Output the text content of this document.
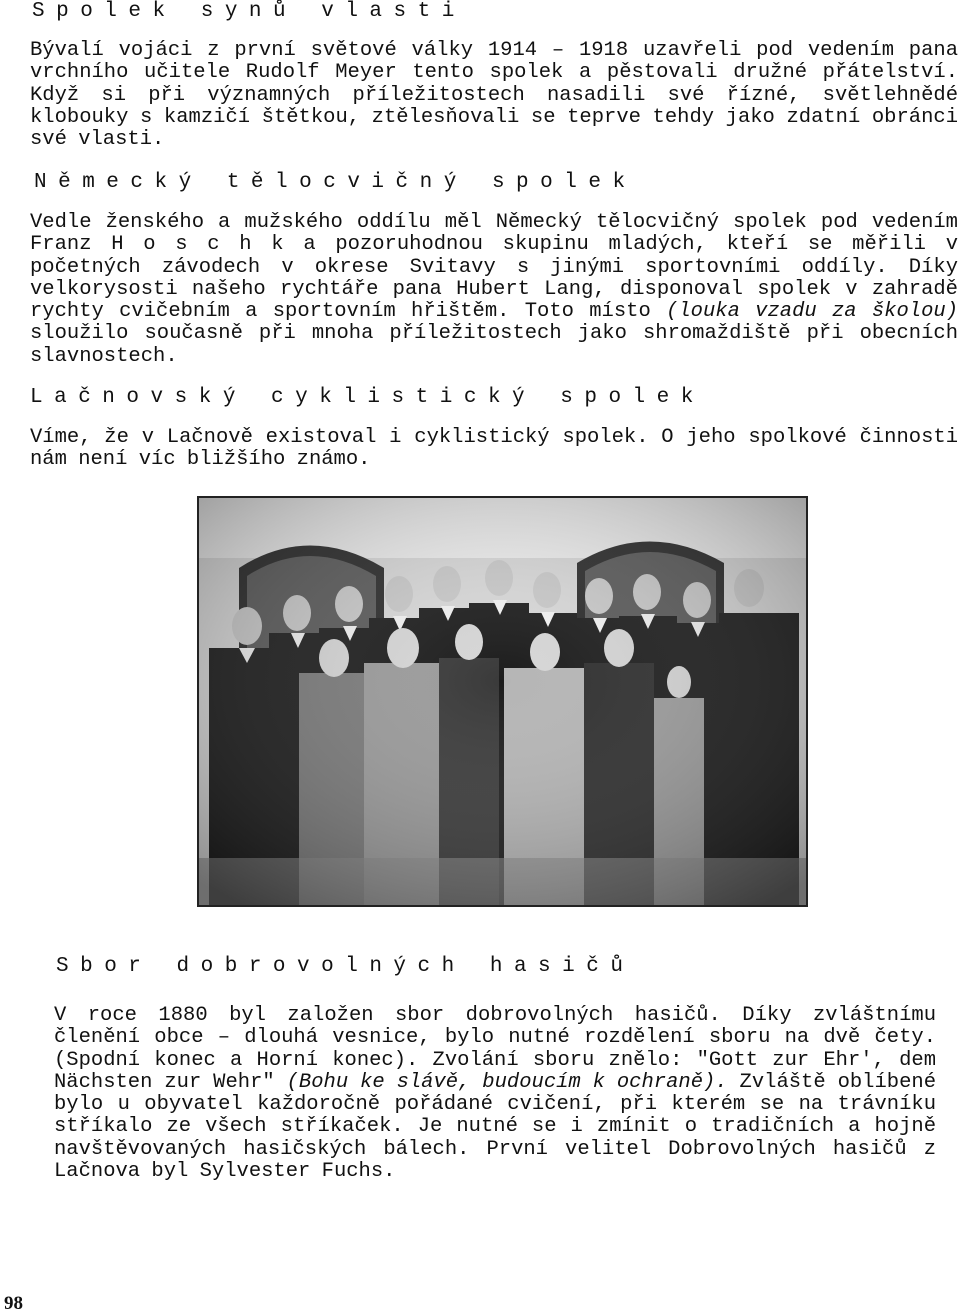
Spolek synů vlasti

Bývalí vojáci z první světové války 1914 – 1918 uzavřeli pod vedením pana vrchního učitele Rudolf Meyer tento spolek a pěstovali družné přátelství. Když si při významných příležitostech nasadili své řízné, světlehnědé klobouky s kamzičí štětkou, ztělesňovali se teprve tehdy jako zdatní obránci své vlasti.

Německý tělocvičný spolek

Vedle ženského a mužského oddílu měl Německý tělocvičný spolek pod vedením Franz H o s c h k a pozoruhodnou skupinu mladých, kteří se měřili v početných závodech v okrese Svitavy s jinými sportovními oddíly. Díky velkorysosti našeho rychtáře pana Hubert Lang, disponoval spolek v zahradě rychty cvičebním a sportovním hřištěm. Toto místo (louka vzadu za školou) sloužilo současně při mnoha příležitostech jako shromaždiště při obecních slavnostech.

Lačnovský cyklistický spolek

Víme, že v Lačnově existoval i cyklistický spolek. O jeho spolkové činnosti nám není víc bližšího známo.

Sbor dobrovolných hasičů

V roce 1880 byl založen sbor dobrovolných hasičů. Díky zvláštnímu členění obce – dlouhá vesnice, bylo nutné rozdělení sboru na dvě čety. (Spodní konec a Horní konec). Zvolání sboru znělo: "Gott zur Ehr', dem Nächsten zur Wehr" (Bohu ke slávě, budoucím k ochraně). Zvláště oblíbené bylo u obyvatel každoročně pořádané cvičení, při kterém se na trávníku stříkalo ze všech stříkaček. Je nutné se i zmínit o tradičních a hojně navštěvovaných hasičských bálech. První velitel Dobrovolných hasičů z Lačnova byl Sylvester Fuchs.

98
